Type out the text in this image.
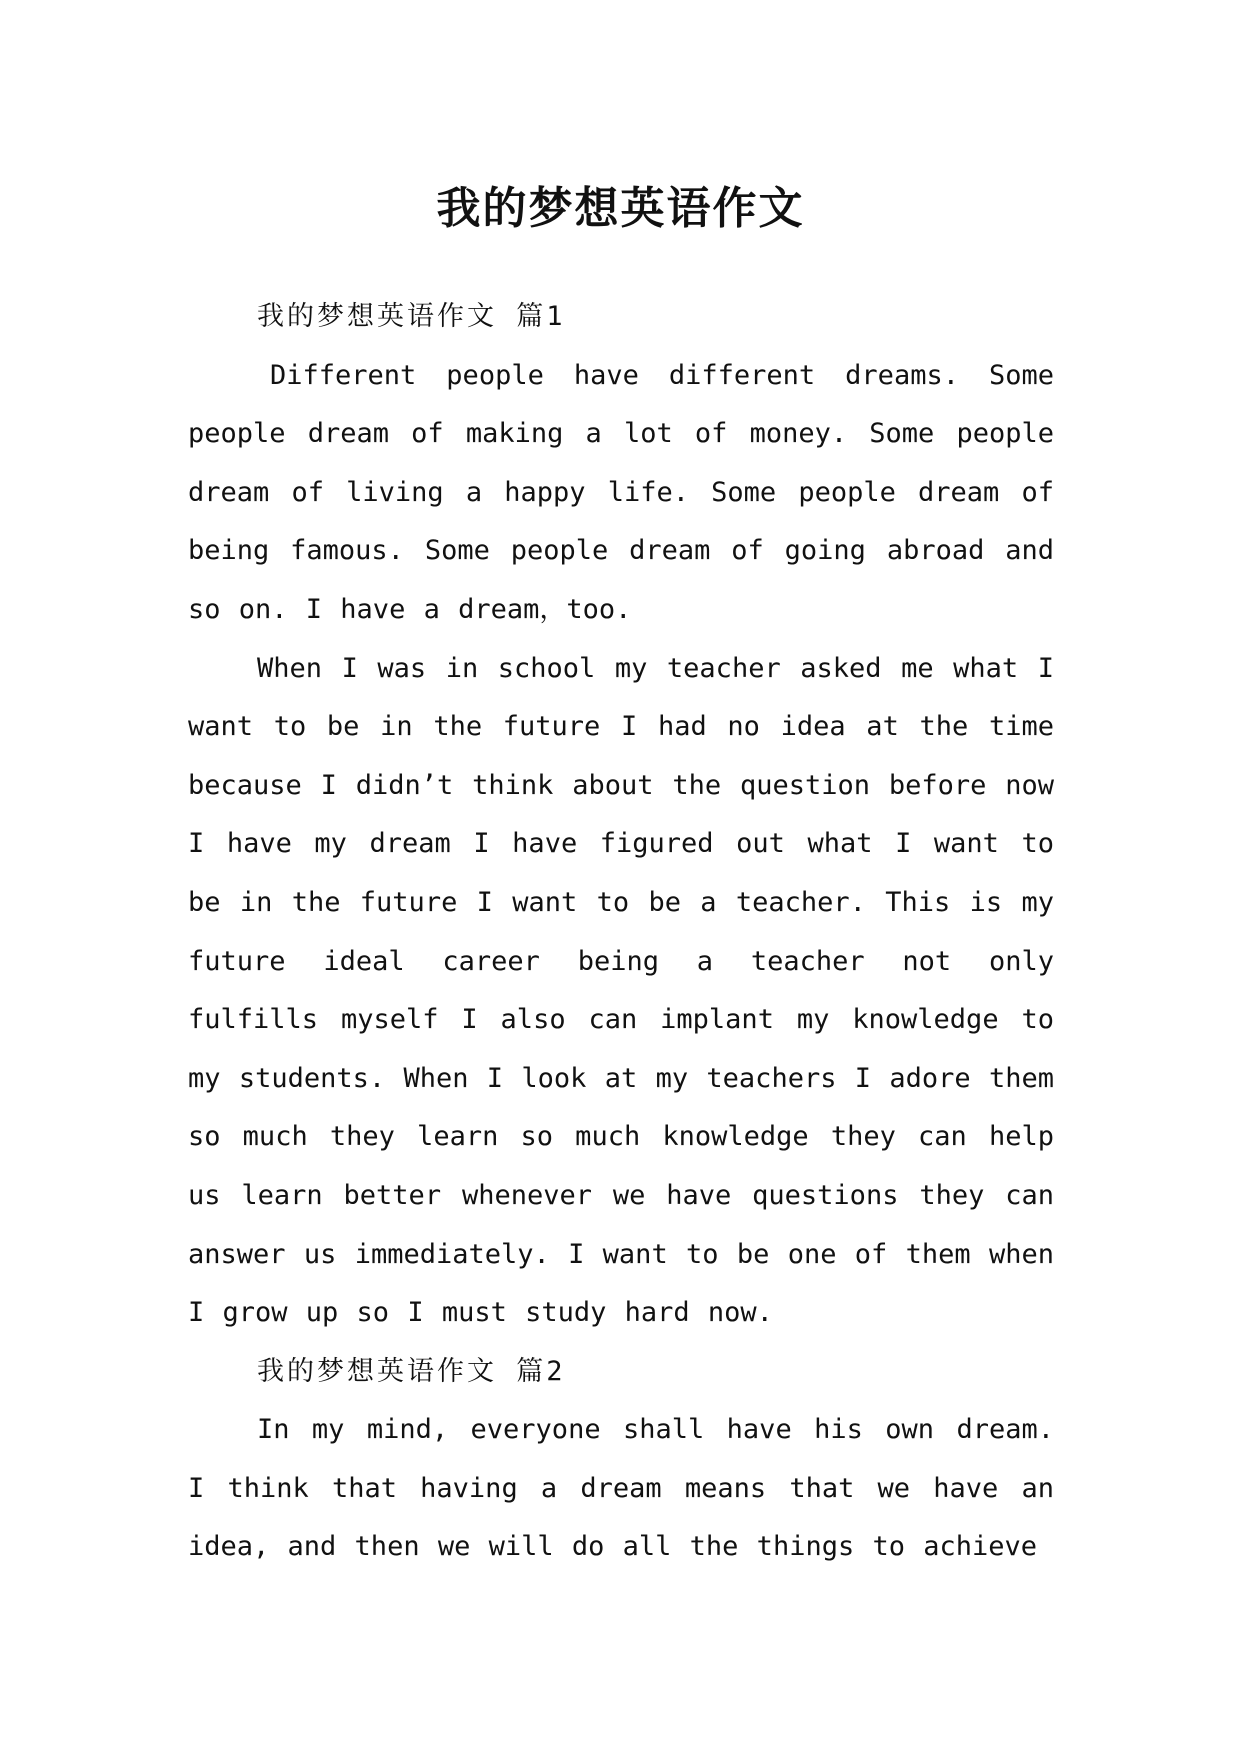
我的梦想英语作文

我的梦想英语作文 篇1

Different people have different dreams. Some people dream of making a lot of money. Some people dream of living a happy life. Some people dream of being famous. Some people dream of going abroad and so on. I have a dream，too.

When I was in school my teacher asked me what I want to be in the future I had no idea at the time because I didn’t think about the question before now I have my dream I have figured out what I want to be in the future I want to be a teacher. This is my future ideal career being a teacher not only fulfills myself I also can implant my knowledge to my students. When I look at my teachers I adore them so much they learn so much knowledge they can help us learn better whenever we have questions they can answer us immediately. I want to be one of them when I grow up so I must study hard now.

我的梦想英语作文 篇2

In my mind, everyone shall have his own dream. I think that having a dream means that we have an idea, and then we will do all the things to achieve
